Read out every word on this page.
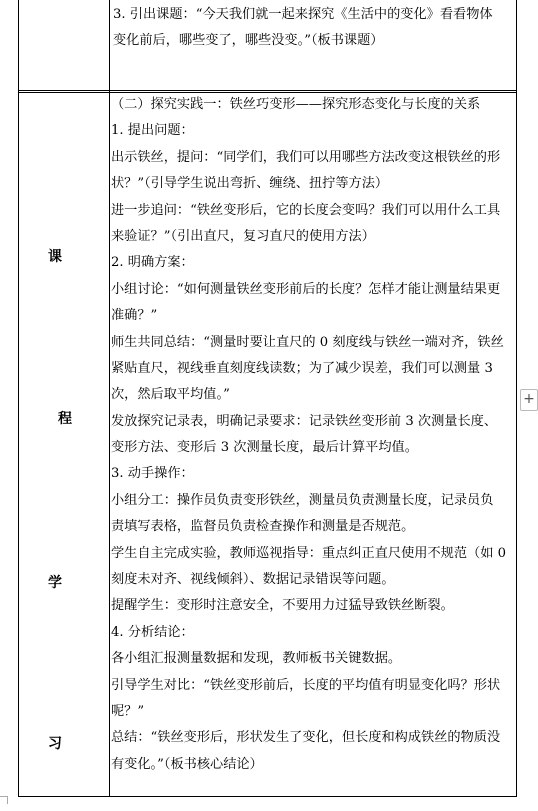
3. 引出课题：“今天我们就一起来探究《生活中的变化》看看物体
变化前后，哪些变了，哪些没变。”（板书课题）
课
程
学
习
（二）探究实践一：铁丝巧变形——探究形态变化与长度的关系
1. 提出问题：
出示铁丝，提问：“同学们，我们可以用哪些方法改变这根铁丝的形
状？”（引导学生说出弯折、缠绕、扭拧等方法）
进一步追问：“铁丝变形后，它的长度会变吗？我们可以用什么工具
来验证？”（引出直尺，复习直尺的使用方法）
2. 明确方案：
小组讨论：“如何测量铁丝变形前后的长度？怎样才能让测量结果更
准确？”
师生共同总结：“测量时要让直尺的 0 刻度线与铁丝一端对齐，铁丝
紧贴直尺，视线垂直刻度线读数；为了减少误差，我们可以测量 3
次，然后取平均值。”
发放探究记录表，明确记录要求：记录铁丝变形前 3 次测量长度、
变形方法、变形后 3 次测量长度，最后计算平均值。
3. 动手操作：
小组分工：操作员负责变形铁丝，测量员负责测量长度，记录员负
责填写表格，监督员负责检查操作和测量是否规范。
学生自主完成实验，教师巡视指导：重点纠正直尺使用不规范（如 0
刻度未对齐、视线倾斜）、数据记录错误等问题。
提醒学生：变形时注意安全，不要用力过猛导致铁丝断裂。
4. 分析结论：
各小组汇报测量数据和发现，教师板书关键数据。
引导学生对比：“铁丝变形前后，长度的平均值有明显变化吗？形状
呢？”
总结：“铁丝变形后，形状发生了变化，但长度和构成铁丝的物质没
有变化。”（板书核心结论）
+
